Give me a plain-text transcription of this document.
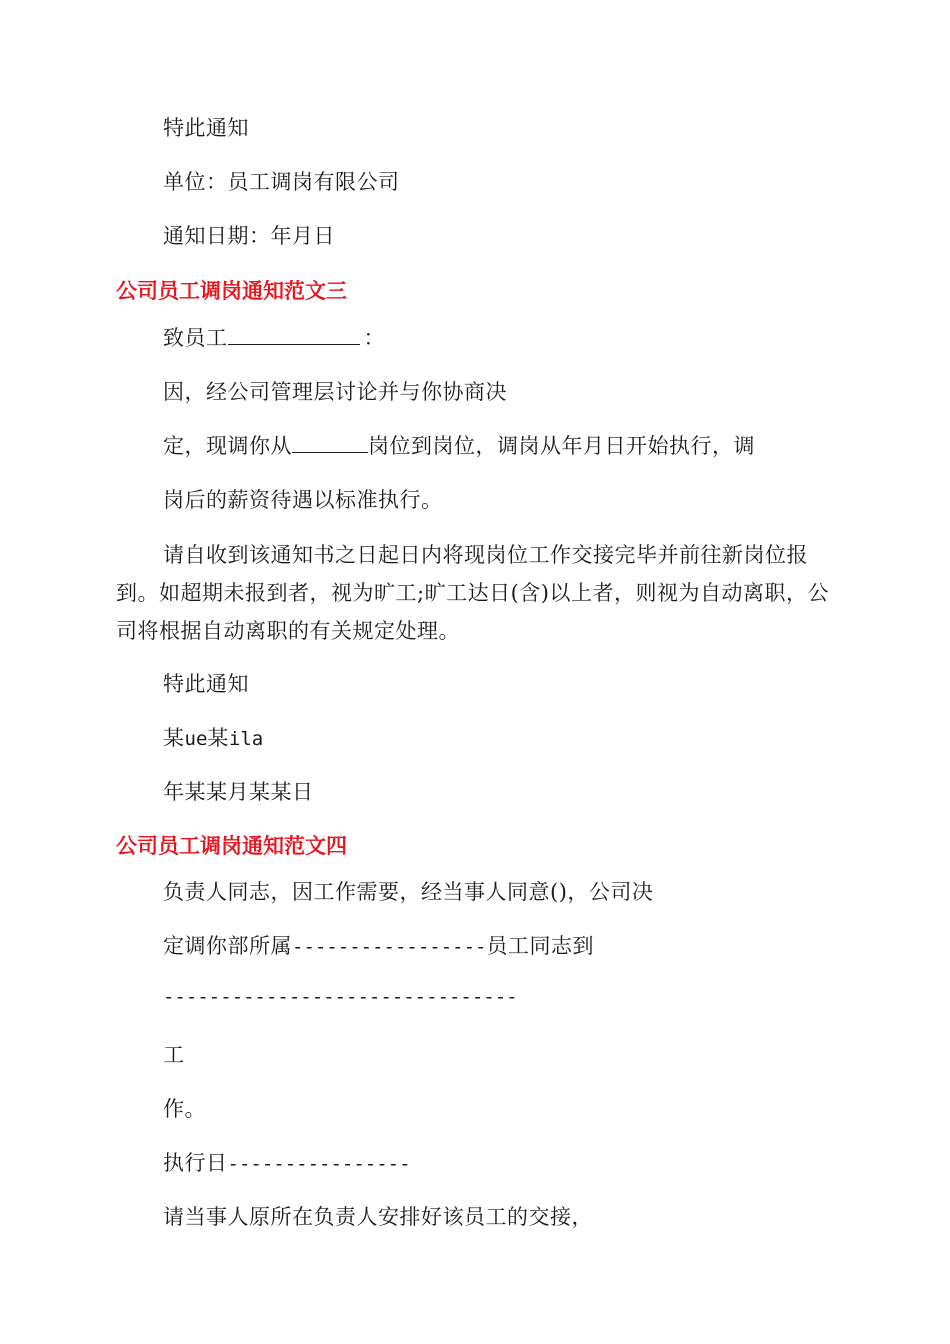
特此通知

单位：员工调岗有限公司

通知日期：年月日

公司员工调岗通知范文三

致员工	：

因，经公司管理层讨论并与你协商决

定，现调你从	岗位到岗位，调岗从年月日开始执行，调

岗后的薪资待遇以标准执行。

请自收到该通知书之日起日内将现岗位工作交接完毕并前往新岗位报到。如超期未报到者，视为旷工;旷工达日(含)以上者，则视为自动离职，公司将根据自动离职的有关规定处理。

特此通知

某ue某ila

年某某月某某日

公司员工调岗通知范文四

负责人同志，因工作需要，经当事人同意()，公司决

定调你部所属-----------------员工同志到

-------------------------------

工

作。

执行日----------------

请当事人原所在负责人安排好该员工的交接，
